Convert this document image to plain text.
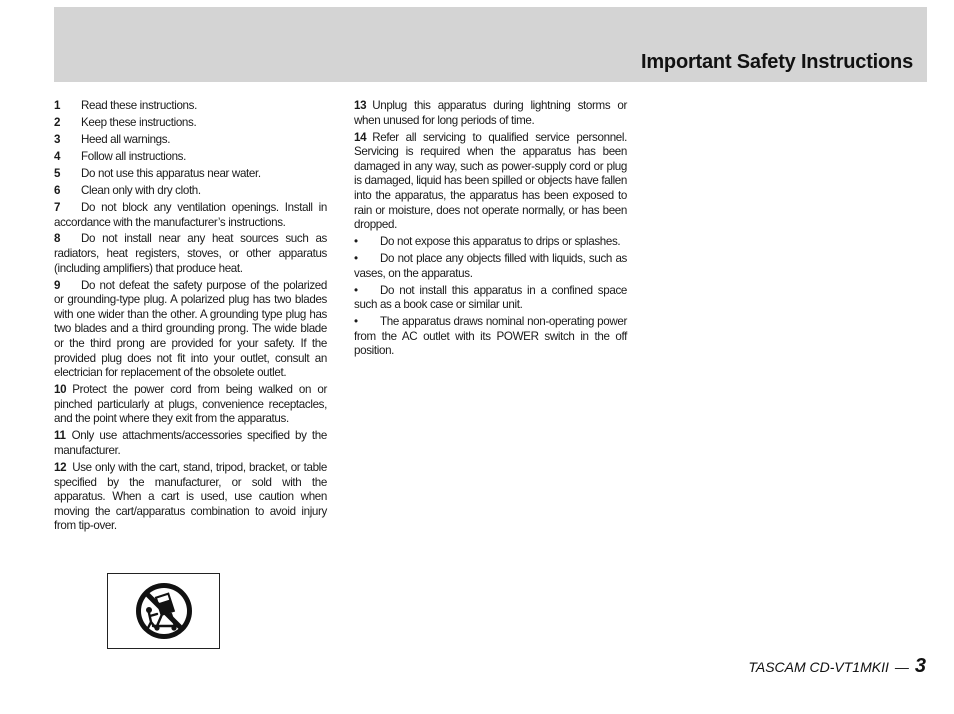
Important Safety Instructions
1 Read these instructions.
2 Keep these instructions.
3 Heed all warnings.
4 Follow all instructions.
5 Do not use this apparatus near water.
6 Clean only with dry cloth.
7 Do not block any ventilation openings. Install in accordance with the manufacturer’s instructions.
8 Do not install near any heat sources such as radiators, heat registers, stoves, or other apparatus (including amplifiers) that produce heat.
9 Do not defeat the safety purpose of the polarized or grounding-type plug. A polarized plug has two blades with one wider than the other. A grounding type plug has two blades and a third grounding prong. The wide blade or the third prong are provided for your safety. If the provided plug does not fit into your outlet, consult an electrician for replacement of the obsolete outlet.
10 Protect the power cord from being walked on or pinched particularly at plugs, convenience receptacles, and the point where they exit from the apparatus.
11 Only use attachments/accessories specified by the manufacturer.
12 Use only with the cart, stand, tripod, bracket, or table specified by the manufacturer, or sold with the apparatus. When a cart is used, use caution when moving the cart/apparatus combination to avoid injury from tip-over.
13 Unplug this apparatus during lightning storms or when unused for long periods of time.
14 Refer all servicing to qualified service personnel. Servicing is required when the apparatus has been damaged in any way, such as power-supply cord or plug is damaged, liquid has been spilled or objects have fallen into the apparatus, the apparatus has been exposed to rain or moisture, does not operate normally, or has been dropped.
• Do not expose this apparatus to drips or splashes.
• Do not place any objects filled with liquids, such as vases, on the apparatus.
• Do not install this apparatus in a confined space such as a book case or similar unit.
• The apparatus draws nominal non-operating power from the AC outlet with its POWER switch in the off position.
TASCAM CD-VT1MKII — 3
